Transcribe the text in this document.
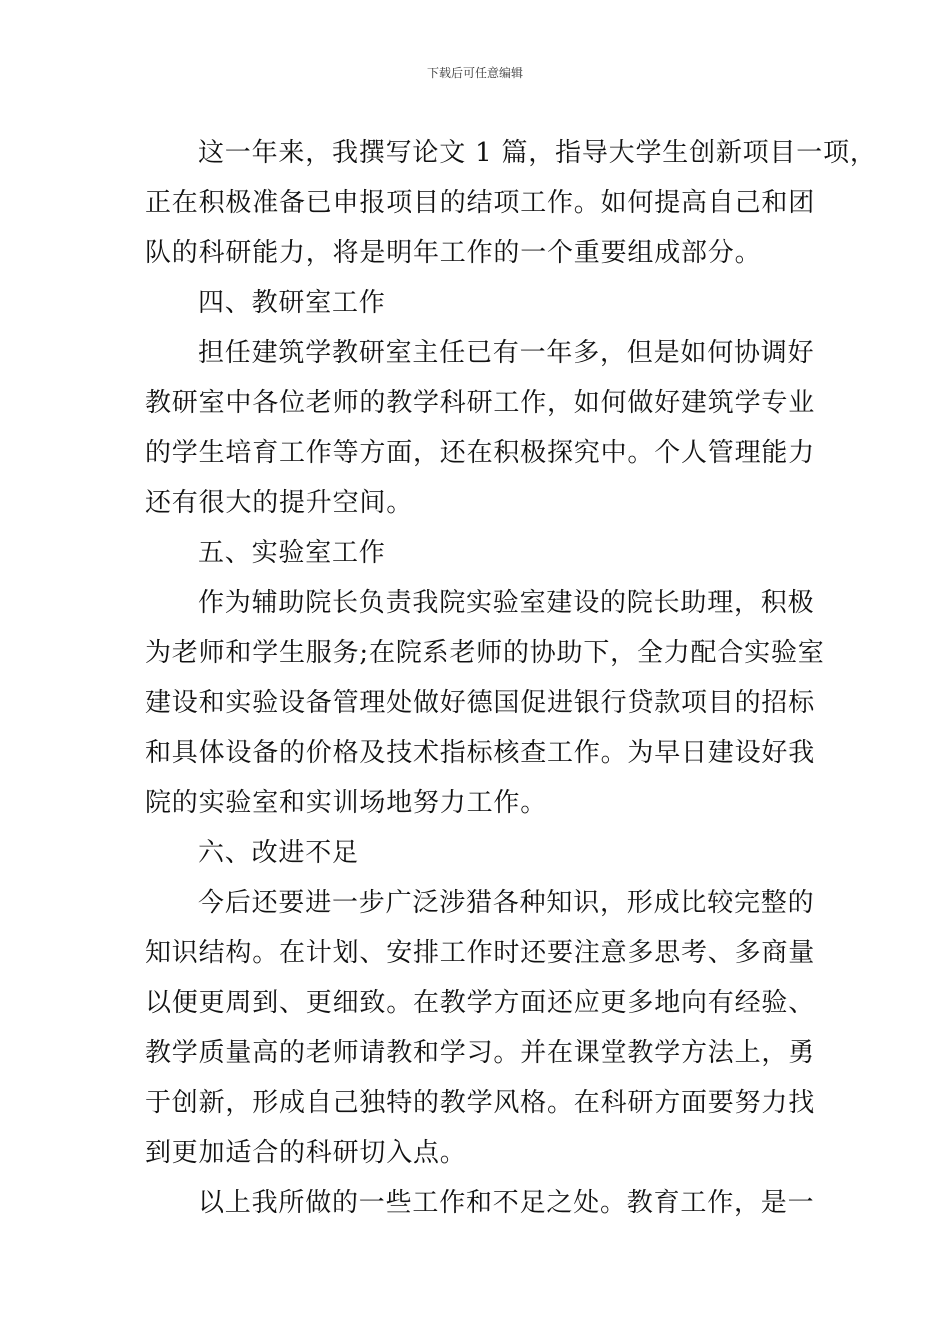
下载后可任意编辑
这一年来，我撰写论文 1 篇，指导大学生创新项目一项，
正在积极准备已申报项目的结项工作。如何提高自己和团
队的科研能力，将是明年工作的一个重要组成部分。
四、教研室工作
担任建筑学教研室主任已有一年多，但是如何协调好
教研室中各位老师的教学科研工作，如何做好建筑学专业
的学生培育工作等方面，还在积极探究中。个人管理能力
还有很大的提升空间。
五、实验室工作
作为辅助院长负责我院实验室建设的院长助理，积极
为老师和学生服务;在院系老师的协助下，全力配合实验室
建设和实验设备管理处做好德国促进银行贷款项目的招标
和具体设备的价格及技术指标核查工作。为早日建设好我
院的实验室和实训场地努力工作。
六、改进不足
今后还要进一步广泛涉猎各种知识，形成比较完整的
知识结构。在计划、安排工作时还要注意多思考、多商量
以便更周到、更细致。在教学方面还应更多地向有经验、
教学质量高的老师请教和学习。并在课堂教学方法上，勇
于创新，形成自己独特的教学风格。在科研方面要努力找
到更加适合的科研切入点。
以上我所做的一些工作和不足之处。教育工作，是一
